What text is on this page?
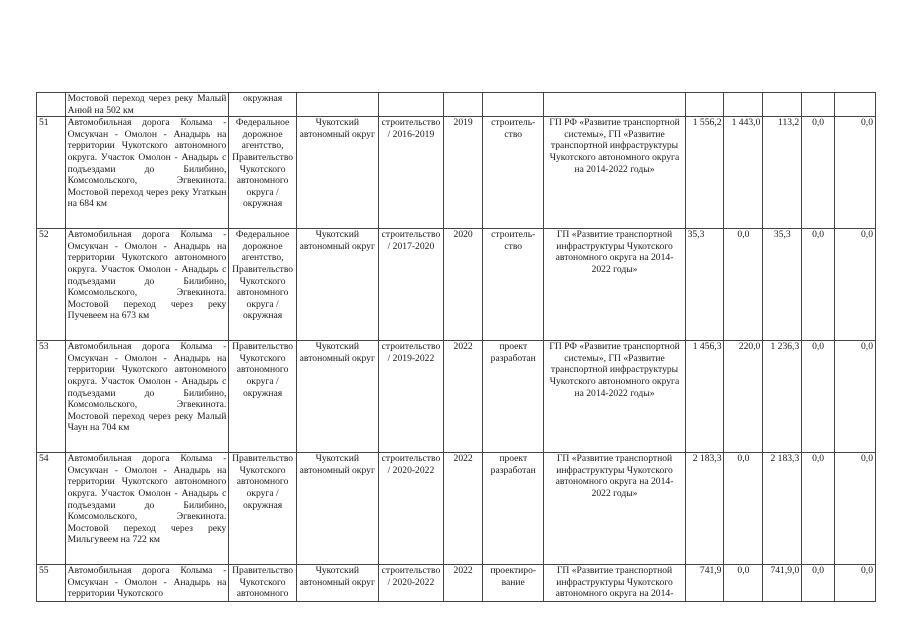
	Мостовой переход через реку Малый Анюй на 502 км	окружная										
51	Автомобильная дорога Колыма - Омсукчан - Омолон - Анадырь на территории Чукотского автономного округа. Участок Омолон - Анадырь с подъездами до Билибино, Комсомольского, Эгвекинота. Мостовой переход через реку Угаткын на 684 км	Федеральное дорожное агентство, Правительство Чукотского автономного округа / окружная	Чукотский автономный округ	строительство / 2016-2019	2019	строитель-ство	ГП РФ «Развитие транспортной системы», ГП «Развитие транспортной инфраструктуры Чукотского автономного округа на 2014-2022 годы»	1 556,2	1 443,0	113,2	0,0	0,0
52	Автомобильная дорога Колыма - Омсукчан - Омолон - Анадырь на территории Чукотского автономного округа. Участок Омолон - Анадырь с подъездами до Билибино, Комсомольского, Эгвекинота. Мостовой переход через реку Пучевеем на 673 км	Федеральное дорожное агентство, Правительство Чукотского автономного округа / окружная	Чукотский автономный округ	строительство / 2017-2020	2020	строитель-ство	ГП «Развитие транспортной инфраструктуры Чукотского автономного округа на 2014-2022 годы»	35,3	0,0	35,3	0,0	0,0
53	Автомобильная дорога Колыма - Омсукчан - Омолон - Анадырь на территории Чукотского автономного округа. Участок Омолон - Анадырь с подъездами до Билибино, Комсомольского, Эгвекинота. Мостовой переход через реку Малый Чаун на 704 км	Правительство Чукотского автономного округа / окружная	Чукотский автономный округ	строительство / 2019-2022	2022	проект разработан	ГП РФ «Развитие транспортной системы», ГП «Развитие транспортной инфраструктуры Чукотского автономного округа на 2014-2022 годы»	1 456,3	220,0	1 236,3	0,0	0,0
54	Автомобильная дорога Колыма - Омсукчан - Омолон - Анадырь на территории Чукотского автономного округа. Участок Омолон - Анадырь с подъездами до Билибино, Комсомольского, Эгвекинота. Мостовой переход через реку Мильгувеем на 722 км	Правительство Чукотского автономного округа / окружная	Чукотский автономный округ	строительство / 2020-2022	2022	проект разработан	ГП «Развитие транспортной инфраструктуры Чукотского автономного округа на 2014-2022 годы»	2 183,3	0,0	2 183,3	0,0	0,0
55	Автомобильная дорога Колыма - Омсукчан - Омолон - Анадырь на территории Чукотского	Правительство Чукотского автономного	Чукотский автономный округ	строительство / 2020-2022	2022	проектиро-вание	ГП «Развитие транспортной инфраструктуры Чукотского автономного округа на 2014-	741,9	0,0	741,9,0	0,0	0,0
